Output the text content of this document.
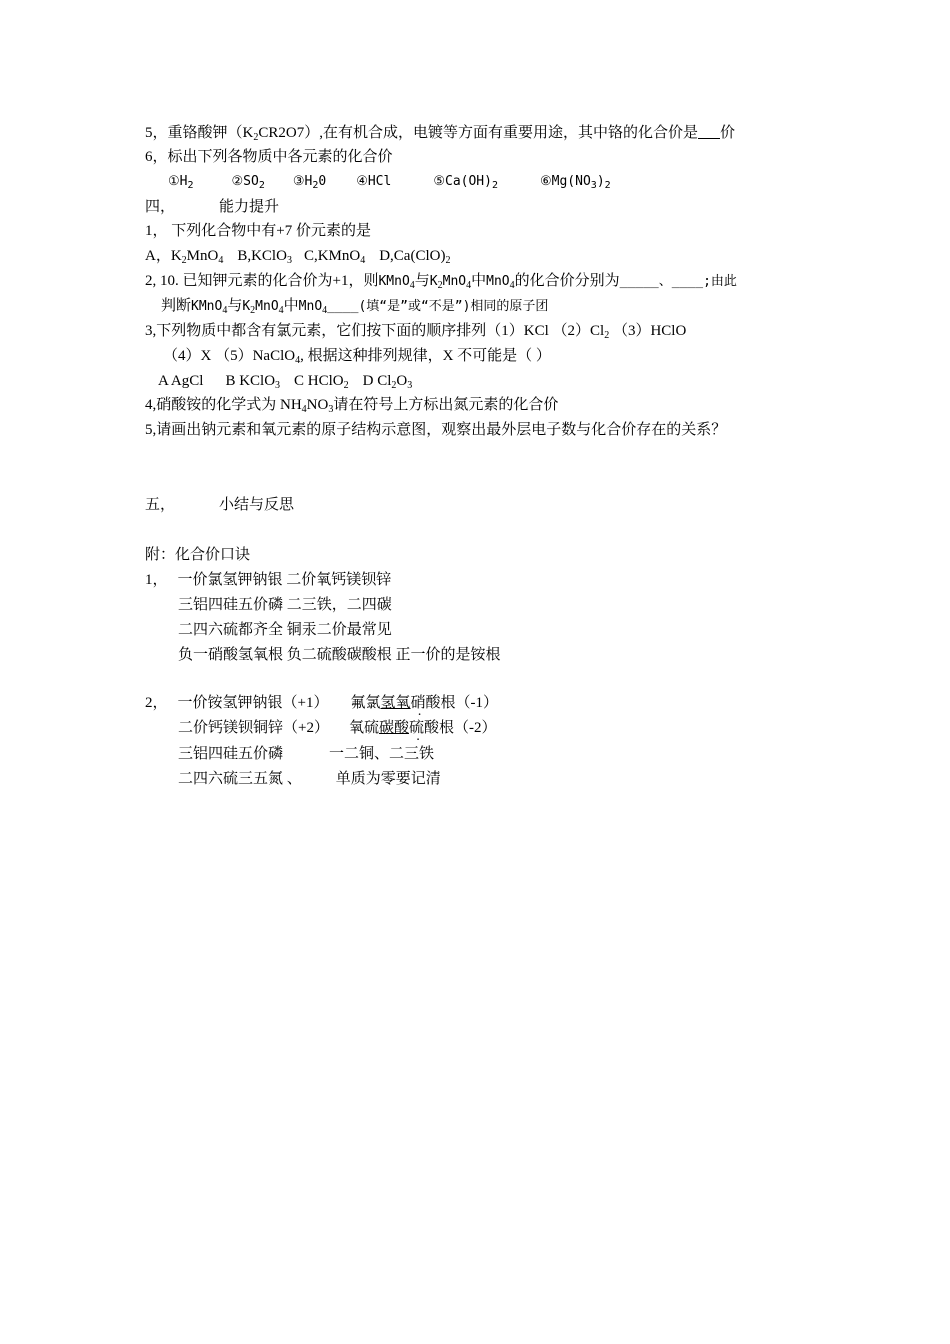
5，重铬酸钾$(K_2CR2O7)$,在有机合成，电镀等方面有重要用途，其中铬的化合价是 价
6，标出下列各物质中各元素的化合价
$①H_2$	$②SO_2$ $③H_20$ ④HCl	$⑤Ca(OH)_2$	$⑥Mg(NO_3)_2$
四，	能力提升
1， 下列化合物中有+7 价元素的是
A，$K_2MnO_4$ B,KClO$_3$ C,KMnO$_4$ $D,Ca(ClO)_2$
2, 10. 已知钾元素的化合价为+1，则KMnO$_4$与$K_2MnO_4$中MnO$_4$的化合价分别为_____、____;由此
判断KMnO$_4$与$K_2MnO_4$中MnO$_4$____(填“是”或“不是”)相同的原子团
3,下列物质中都含有氯元素，它们按下面的顺序排列（1）KCl $(2)Cl_2$ （3）HClO
（4）X （5）NaClO$_4$, 根据这种排列规律，X 不可能是（ ）
A AgCl B KClO$_3$ C HClO$_2$ D $Cl_2O_3$
4,硝酸铵的化学式为 $NH_4NO_3$请在符号上方标出氮元素的化合价
5,请画出钠元素和氧元素的原子结构示意图，观察出最外层电子数与化合价存在的关系？
五，	小结与反思
附：化合价口诀
1， 一价氯氢钾钠银 二价氧钙镁钡锌
三铝四硅五价磷 二三铁，二四碳
二四六硫都齐全 铜汞二价最常见
负一硝酸氢氧根 负二硫酸碳酸根 正一价的是铵根
2， 一价铵氢钾钠银（+1） 氟氯氢氧硝酸根（-1）
二价钙镁钡铜锌（+2） 氧硫碳酸硫酸根（-2）
三铝四硅五价磷	一二铜、二三铁
二四六硫三五氮 、 单质为零要记清
